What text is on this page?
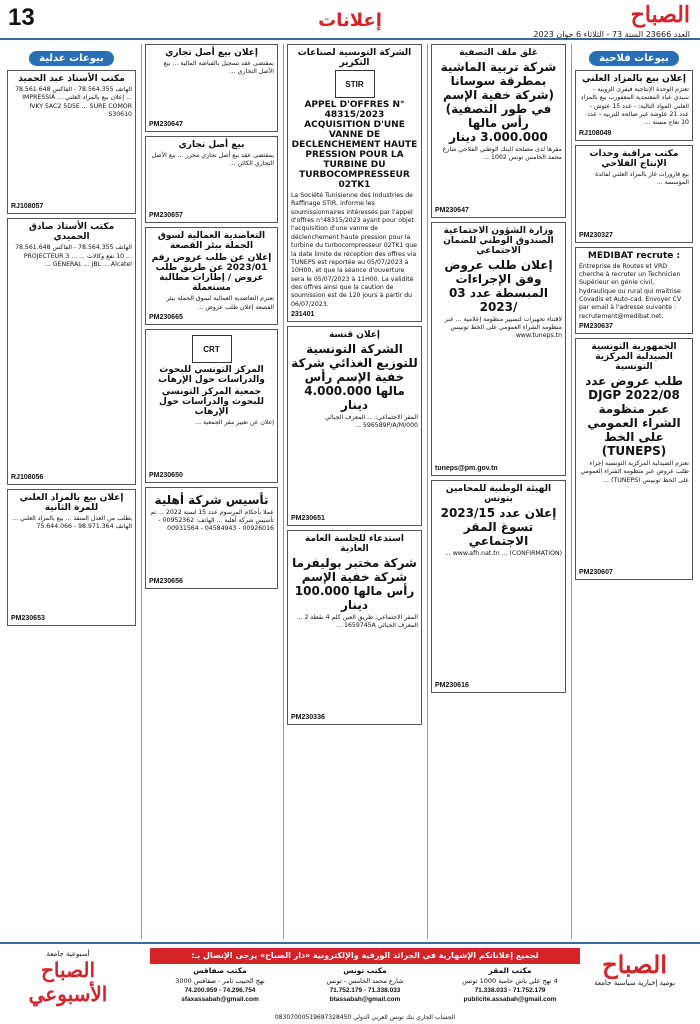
13	إعلانات	الصباح
العدد 23666 السنة 73 - الثلاثاء 6 جوان 2023
بيوعات فلاحية
إعلان بيع بالمزاد العلني

تعتزم الوحدة الإنتاجية فيفرى الزويبة - سيدي عياد المعتمدية المعفورب بيع بالمزاد العلني المواد التالية: - عدد 15 عتوش - عدد 21 علوشة غير صالحة للتربية - عدد 10 نعاج مسنة ...

RJ108049
مكتب مراقبة وحدات الإنتاج الفلاحي

بيع قارورات غاز بالمزاد العلني لفائدة المؤسسة ...

PM230327
MEDIBAT recrute :

Entreprise de Routes et VRD cherche à recruter un Technicien Supérieur en génie civil, hydraulique ou rural qui maitrise Covadis et Auto-cad. Envoyer CV par email à l'adresse suivante : recrutement@medibat.net.

PM230637
الجمهورية التونسية الصيدلية المركزية التونسية
طلب عروض عدد DJGP 2022/08 عبر منظومة الشراء العمومي على الخط (TUNEPS)

تعتزم الصيدلية المركزية التونسية إجراء طلب عروض عبر منظومة الشراء العمومي على الخط تونيبس (TUNEPS) ...

PM230607
غلق ملف التصفية
شركة تربية الماشية بمطرقة سوسانا (شركة خفية الإسم في طور التصفية) رأس مالها 3.000.000 دينار

مقرها لدى مصلحة البنك الوطني الفلاحي شارع محمد الخامس تونس 1002 ...

PM230647
وزارة الشؤون الاجتماعية الصندوق الوطني للضمان الاجتماعي
إعلان طلب عروض وفق الإجراءات المبسطة عدد 03 /2023

لاقتناء تجهيزات لتسيير منظومة إعلامية ... عبر منظومة الشراء العمومي على الخط تونيبس www.tuneps.tn

tuneps@pm.gov.tn
الهيئة الوطنية للمحامين بتونس
إعلان عدد 2023/15 تسوغ المقر الاجتماعي

(CONFIRMATION) ... www.afh.nat.tn ...

PM230616
الشركة التونسية لصناعات التكرير
STIR
APPEL D'OFFRES N° 48315/2023 ACQUISITION D'UNE VANNE DE DECLENCHEMENT HAUTE PRESSION POUR LA TURBINE DU TURBOCOMPRESSEUR 02TK1

La Société Tunisienne des Industries de Raffinage STIR, informe les soumissionnaires intéressés par l'appel d'offres n°48315/2023 ayant pour objet l'acquisition d'une vanne de déclenchement haute pression pour la turbine du turbocompresseur 02TK1 que la date limite de réception des offres via TUNEPS est reportée au 05/07/2023 à 10H00, et que la séance d'ouverture sera le 05/07/2023 à 11H00. La validité des offres ainsi que la caution de soumission est de 120 jours à partir du 06/07/2023.

231401
إعلان قنسة
الشركة التونسية للتوزيع الغذائي شركة خفية الإسم رأس مالها 4.000.000 دينار

المقر الاجتماعي: ... المعرف الجبائي 596589P/A/M/000 ...

PM230651
استدعاء للجلسة العامة العادية
شركة مختبر بوليفرما شركة خفية الإسم رأس مالها 100.000 دينار

المقر الاجتماعي: طريق العين كلم 4 نقطة 2 ... المعرف الجبائي 1659745A ...

PM230336
إعلان بيع أصل تجاري

بمقتضى عقد تسجيل بالقباضة المالية ... بيع الأصل التجاري ...

PM230647
بيع أصل تجاري

بمقتضى عقد بيع أصل تجاري محرر ... بيع الأصل التجاري الكائن ...

PM230657
التعاضدية العمالية لسوق الجملة ببئر القصعة
إعلان عن طلب عروض رقم 2023/01 عن طريق طلب عروض / إطارات مطالبة مستعملة

تعتزم التعاضدية العمالية لسوق الجملة ببئر القصعة إعلان طلب عروض ...

PM230665
CRT
المركز التونسي للبحوث والدراسات حول الإرهاب
جمعية المركز التونسي للبحوث والدراسات حول الإرهاب

إعلان عن تغيير مقر الجمعية ...

PM230650
تأسيس شركة أهلية

عملا بأحكام المرسوم عدد 15 لسنة 2022 ... تم تأسيس شركة أهلية ... الهاتف: 00952362 - 00926016 - 04584943 - 00931564

PM230656
بيوعات عدلية
مكتب الأستاذ عبد الحميد

الهاتف 78.564.355 - الفاكس 78.561.648 ... إعلان بيع بالمزاد العلني ... IMPRESSIA IVKY 5AC2 5D5E ... SURE COMOR S30610

RJ108057
مكتب الأستاذ صادق الحميدي

الهاتف 78.564.355 - الفاكس 78.561.648 ... 10 نقع وكالات ... PROJECTEUR 3 ... GENERAL ... JBL ... Alcatel ...

RJ108056
إعلان بيع بالمزاد العلني للمرة الثانية

بطلب من العدل المنفذ ... بيع بالمزاد العلني ... الهاتف 98.971.364 - 75.644.066

PM230653
الصباح
يومية إخبارية سياسية جامعة
لجميع إعلاناتكم الإشهارية في الجرائد الورقية والإلكترونية «دار الصباح» يرجى الإتصال بـ:
مكتب صفاقس
نهج الحبيب ثامر - صفاقس 3000
74.296.754 - 74.200.959
sfaxassabah@gmail.com
مكتب تونس
شارع محمد الخامس - تونس
71.338.033 - 71.752.179
btassabah@gmail.com
مكتب المقر
4 نهج علي باش حامبة 1000 تونس
71.752.179 - 71.338.033
publicite.assabah@gmail.com
أسبوعية جامعة
الصباح الأسبوعي
الحساب الجاري بنك تونس العربي الدولي 08307000519697328450
